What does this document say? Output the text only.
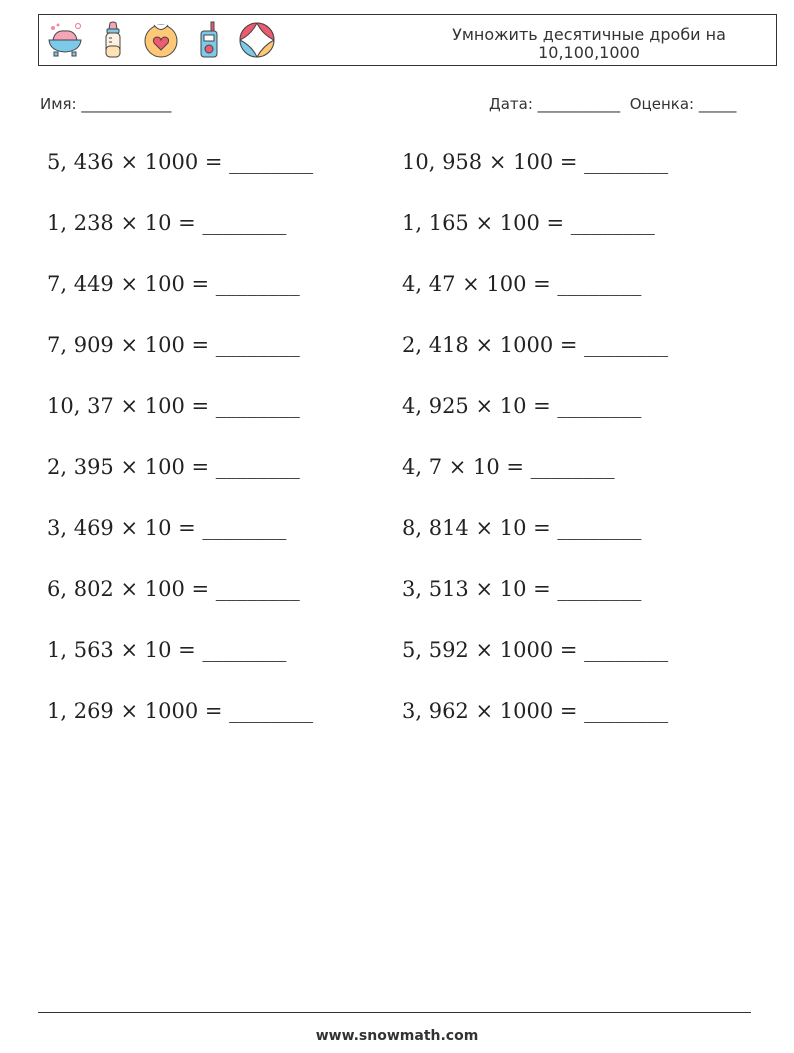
Умножить десятичные дроби на 10,100,1000
Имя: ____________	Дата: ___________ Оценка: _____
5, 436 × 1000 = ________
1, 238 × 10 = ________
7, 449 × 100 = ________
7, 909 × 100 = ________
10, 37 × 100 = ________
2, 395 × 100 = ________
3, 469 × 10 = ________
6, 802 × 100 = ________
1, 563 × 10 = ________
1, 269 × 1000 = ________
10, 958 × 100 = ________
1, 165 × 100 = ________
4, 47 × 100 = ________
2, 418 × 1000 = ________
4, 925 × 10 = ________
4, 7 × 10 = ________
8, 814 × 10 = ________
3, 513 × 10 = ________
5, 592 × 1000 = ________
3, 962 × 1000 = ________
www.snowmath.com
